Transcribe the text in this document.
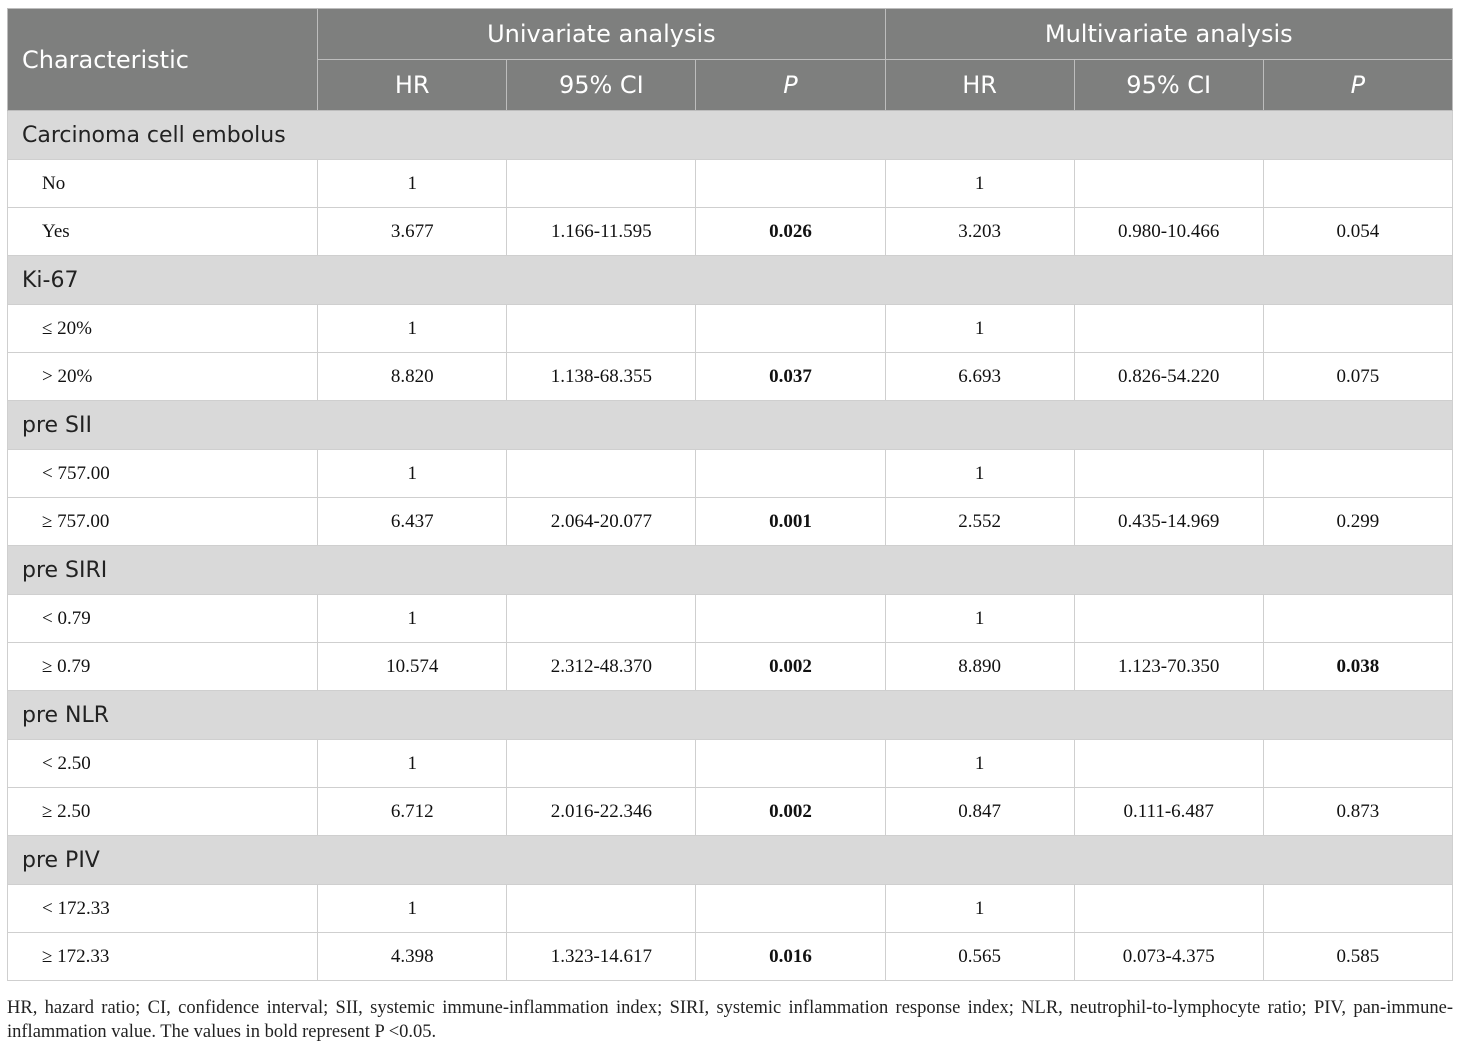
Characteristic	Univariate analysis			Multivariate analysis		
	HR	95% CI	P	HR	95% CI	P
Carcinoma cell embolus						
No	1			1		
Yes	3.677	1.166-11.595	0.026	3.203	0.980-10.466	0.054
Ki-67						
≤ 20%	1			1		
> 20%	8.820	1.138-68.355	0.037	6.693	0.826-54.220	0.075
pre SII						
< 757.00	1			1		
≥ 757.00	6.437	2.064-20.077	0.001	2.552	0.435-14.969	0.299
pre SIRI						
< 0.79	1			1		
≥ 0.79	10.574	2.312-48.370	0.002	8.890	1.123-70.350	0.038
pre NLR						
< 2.50	1			1		
≥ 2.50	6.712	2.016-22.346	0.002	0.847	0.111-6.487	0.873
pre PIV						
< 172.33	1			1		
≥ 172.33	4.398	1.323-14.617	0.016	0.565	0.073-4.375	0.585
HR, hazard ratio; CI, confidence interval; SII, systemic immune-inflammation index; SIRI, systemic inflammation response index; NLR, neutrophil-to-lymphocyte ratio; PIV, pan-immune-inflammation value. The values in bold represent P <0.05.
